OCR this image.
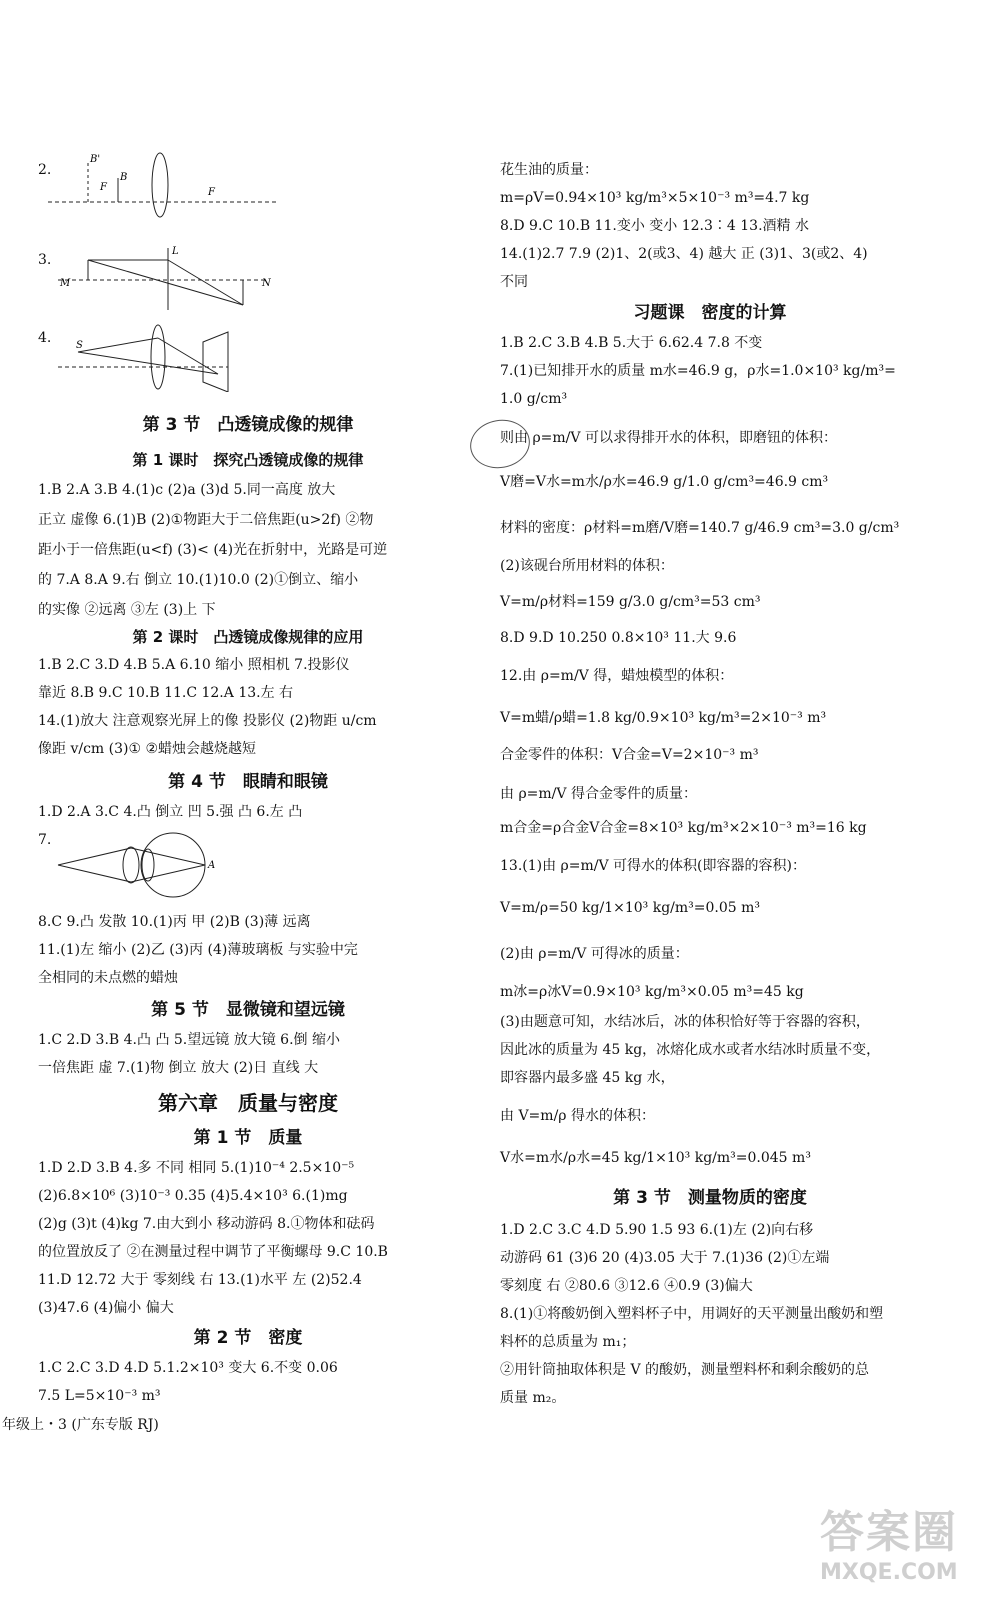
2.
B'
F
B
F
3.
M	N
L
4. S
第 3 节　凸透镜成像的规律
第 1 课时　探究凸透镜成像的规律
1.B 2.A 3.B 4.(1)c (2)a (3)d 5.同一高度 放大
正立 虚像 6.(1)B (2)①物距大于二倍焦距(u>2f) ②物
距小于一倍焦距(u<f) (3)< (4)光在折射中，光路是可逆
的 7.A 8.A 9.右 倒立 10.(1)10.0 (2)①倒立、缩小
的实像 ②远离 ③左 (3)上 下
第 2 课时　凸透镜成像规律的应用
1.B 2.C 3.D 4.B 5.A 6.10 缩小 照相机 7.投影仪
靠近 8.B 9.C 10.B 11.C 12.A 13.左 右
14.(1)放大 注意观察光屏上的像 投影仪 (2)物距 u/cm
像距 v/cm (3)① ②蜡烛会越烧越短
第 4 节　眼睛和眼镜
1.D 2.A 3.C 4.凸 倒立 凹 5.强 凸 6.左 凸
7.
A
8.C 9.凸 发散 10.(1)丙 甲 (2)B (3)薄 远离
11.(1)左 缩小 (2)乙 (3)丙 (4)薄玻璃板 与实验中完
全相同的未点燃的蜡烛
第 5 节　显微镜和望远镜
1.C 2.D 3.B 4.凸 凸 5.望远镜 放大镜 6.倒 缩小
一倍焦距 虚 7.(1)物 倒立 放大 (2)日 直线 大
第六章　质量与密度
第 1 节　质量
1.D 2.D 3.B 4.多 不同 相同 5.(1)10⁻⁴ 2.5×10⁻⁵
(2)6.8×10⁶ (3)10⁻³ 0.35 (4)5.4×10³ 6.(1)mg
(2)g (3)t (4)kg 7.由大到小 移动游码 8.①物体和砝码
的位置放反了 ②在测量过程中调节了平衡螺母 9.C 10.B
11.D 12.72 大于 零刻线 右 13.(1)水平 左 (2)52.4
(3)47.6 (4)偏小 偏大
第 2 节　密度
1.C 2.C 3.D 4.D 5.1.2×10³ 变大 6.不变 0.06
7.5 L=5×10⁻³ m³
年级上・3 (广东专版 RJ)
花生油的质量：
m=ρV=0.94×10³ kg/m³×5×10⁻³ m³=4.7 kg
8.D 9.C 10.B 11.变小 变小 12.3∶4 13.酒精 水
14.(1)2.7 7.9 (2)1、2(或3、4) 越大 正 (3)1、3(或2、4)
不同
习题课　密度的计算
1.B 2.C 3.B 4.B 5.大于 6.62.4 7.8 不变
7.(1)已知排开水的质量 m水=46.9 g，ρ水=1.0×10³ kg/m³=
1.0 g/cm³
则由 ρ=m/V 可以求得排开水的体积，即磨钮的体积：
V磨=V水=m水/ρ水=46.9 g/1.0 g/cm³=46.9 cm³
材料的密度：ρ材料=m磨/V磨=140.7 g/46.9 cm³=3.0 g/cm³
(2)该砚台所用材料的体积：
V=m/ρ材料=159 g/3.0 g/cm³=53 cm³
8.D 9.D 10.250 0.8×10³ 11.大 9.6
12.由 ρ=m/V 得，蜡烛模型的体积：
V=m蜡/ρ蜡=1.8 kg/0.9×10³ kg/m³=2×10⁻³ m³
合金零件的体积：V合金=V=2×10⁻³ m³
由 ρ=m/V 得合金零件的质量：
m合金=ρ合金V合金=8×10³ kg/m³×2×10⁻³ m³=16 kg
13.(1)由 ρ=m/V 可得水的体积(即容器的容积)：
V=m/ρ=50 kg/1×10³ kg/m³=0.05 m³
(2)由 ρ=m/V 可得冰的质量：
m冰=ρ冰V=0.9×10³ kg/m³×0.05 m³=45 kg
(3)由题意可知，水结冰后，冰的体积恰好等于容器的容积，
因此冰的质量为 45 kg，冰熔化成水或者水结冰时质量不变，
即容器内最多盛 45 kg 水，
由 V=m/ρ 得水的体积：
V水=m水/ρ水=45 kg/1×10³ kg/m³=0.045 m³
第 3 节　测量物质的密度
1.D 2.C 3.C 4.D 5.90 1.5 93 6.(1)左 (2)向右移
动游码 61 (3)6 20 (4)3.05 大于 7.(1)36 (2)①左端
零刻度 右 ②80.6 ③12.6 ④0.9 (3)偏大
8.(1)①将酸奶倒入塑料杯子中，用调好的天平测量出酸奶和塑
料杯的总质量为 m₁；
②用针筒抽取体积是 V 的酸奶，测量塑料杯和剩余酸奶的总
质量 m₂。
答案圈
MXQE.COM
